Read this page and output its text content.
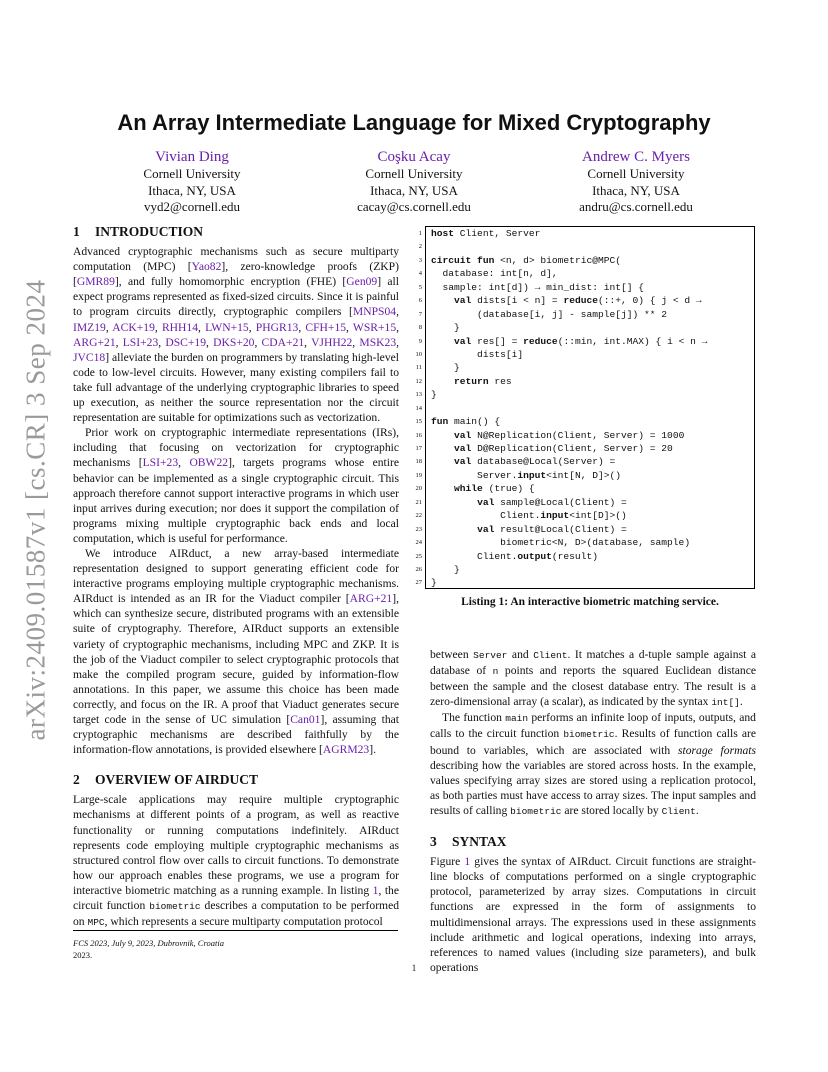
arXiv:2409.01587v1 [cs.CR] 3 Sep 2024
An Array Intermediate Language for Mixed Cryptography
Vivian Ding
Cornell University
Ithaca, NY, USA
vyd2@cornell.edu
Coşku Acay
Cornell University
Ithaca, NY, USA
cacay@cs.cornell.edu
Andrew C. Myers
Cornell University
Ithaca, NY, USA
andru@cs.cornell.edu
1 INTRODUCTION

Advanced cryptographic mechanisms such as secure multiparty computation (MPC) [Yao82], zero-knowledge proofs (ZKP) [GMR89], and fully homomorphic encryption (FHE) [Gen09] all expect programs represented as fixed-sized circuits. Since it is painful to program circuits directly, cryptographic compilers [MNPS04, IMZ19, ACK+19, RHH14, LWN+15, PHGR13, CFH+15, WSR+15, ARG+21, LSI+23, DSC+19, DKS+20, CDA+21, VJHH22, MSK23, JVC18] alleviate the burden on programmers by translating high-level code to low-level circuits. However, many existing compilers fail to take full advantage of the underlying cryptographic libraries to speed up execution, as neither the source representation nor the circuit representation are suitable for optimizations such as vectorization.

Prior work on cryptographic intermediate representations (IRs), including that focusing on vectorization for cryptographic mechanisms [LSI+23, OBW22], targets programs whose entire behavior can be implemented as a single cryptographic circuit. This approach therefore cannot support interactive programs in which user input arrives during execution; nor does it support the compilation of programs mixing multiple cryptographic back ends and local computation, which is useful for performance.

We introduce AIRduct, a new array-based intermediate representation designed to support generating efficient code for interactive programs employing multiple cryptographic mechanisms. AIRduct is intended as an IR for the Viaduct compiler [ARG+21], which can synthesize secure, distributed programs with an extensible suite of cryptography. Therefore, AIRduct supports an extensible variety of cryptographic mechanisms, including MPC and ZKP. It is the job of the Viaduct compiler to select cryptographic protocols that make the compiled program secure, guided by information-flow annotations. In this paper, we assume this choice has been made correctly, and focus on the IR. A proof that Viaduct generates secure target code in the sense of UC simulation [Can01], assuming that cryptographic mechanisms are described faithfully by the information-flow annotations, is provided elsewhere [AGRM23].

2 OVERVIEW OF AIRDUCT

Large-scale applications may require multiple cryptographic mechanisms at different points of a program, as well as reactive functionality or running computations indefinitely. AIRduct represents code employing multiple cryptographic mechanisms as structured control flow over calls to circuit functions. To demonstrate how our approach enables these programs, we use a program for interactive biometric matching as a running example. In listing 1, the circuit function biometric describes a computation to be performed on MPC, which represents a secure multiparty computation protocol

1
2
3
4
5
6
7
8
9
10
11
12
13
14
15
16
17
18
19
20
21
22
23
24
25
26
27
host Client, Server

circuit fun <n, d> biometric@MPC(
database: int[n, d],
sample: int[d]) → min_dist: int[] {
val dists[i < n] = reduce(::+, 0) { j < d →
(database[i, j] - sample[j]) ** 2
}
val res[] = reduce(::min, int.MAX) { i < n →
dists[i]
}
return res
}

fun main() {
val N@Replication(Client, Server) = 1000
val D@Replication(Client, Server) = 20
val database@Local(Server) =
Server.input<int[N, D]>()
while (true) {
val sample@Local(Client) =
Client.input<int[D]>()
val result@Local(Client) =
biometric<N, D>(database, sample)
Client.output(result)
}
}
Listing 1: An interactive biometric matching service.

between Server and Client. It matches a d-tuple sample against a database of n points and reports the squared Euclidean distance between the sample and the closest database entry. The result is a zero-dimensional array (a scalar), as indicated by the syntax int[].

The function main performs an infinite loop of inputs, outputs, and calls to the circuit function biometric. Results of function calls are bound to variables, which are associated with storage formats describing how the variables are stored across hosts. In the example, values specifying array sizes are stored using a replication protocol, as both parties must have access to array sizes. The input samples and results of calling biometric are stored locally by Client.

3 SYNTAX

Figure 1 gives the syntax of AIRduct. Circuit functions are straight-line blocks of computations performed on a single cryptographic protocol, parameterized by array sizes. Computations in circuit functions are expressed in the form of assignments to multidimensional arrays. The expressions used in these assignments include arithmetic and logical operations, indexing into arrays, references to named values (including size parameters), and bulk operations

FCS 2023, July 9, 2023, Dubrovnik, Croatia
2023.
1
